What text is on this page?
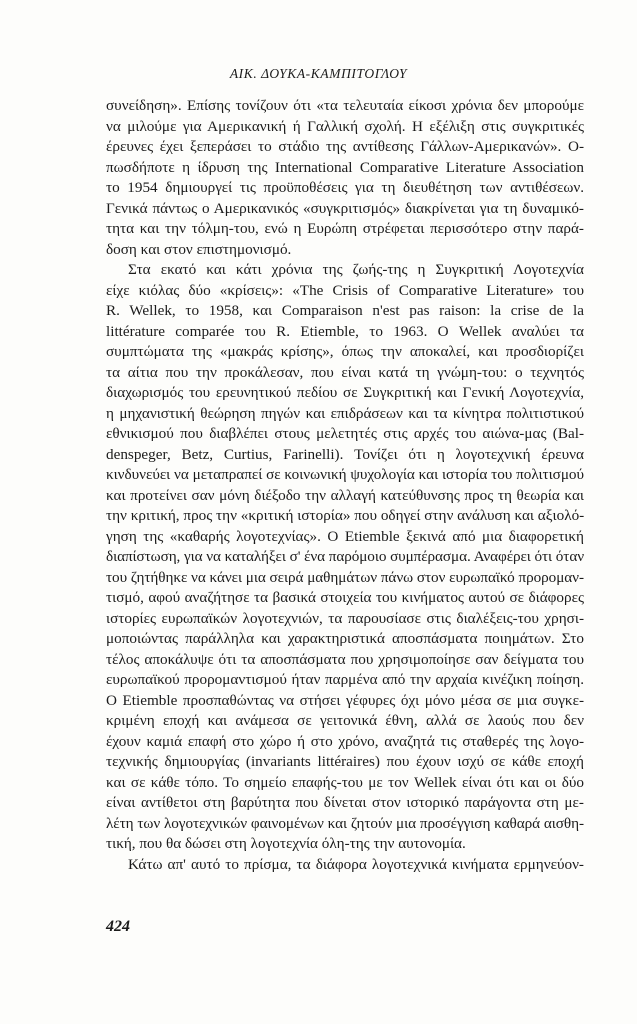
ΑΙΚ. ΔΟΥΚΑ-ΚΑΜΠΙΤΟΓΛΟΥ
συνείδηση». Επίσης τονίζουν ότι «τα τελευταία είκοσι χρόνια δεν μπορούμε
να μιλούμε για Αμερικανική ή Γαλλική σχολή. Η εξέλιξη στις συγκριτικές
έρευνες έχει ξεπεράσει το στάδιο της αντίθεσης Γάλλων-Αμερικανών». Ο-
πωσδήποτε η ίδρυση της International Comparative Literature Association
το 1954 δημιουργεί τις προϋποθέσεις για τη διευθέτηση των αντιθέσεων.
Γενικά πάντως ο Αμερικανικός «συγκριτισμός» διακρίνεται για τη δυναμικό-
τητα και την τόλμη-του, ενώ η Ευρώπη στρέφεται περισσότερο στην παρά-
δοση και στον επιστημονισμό.
Στα εκατό και κάτι χρόνια της ζωής-της η Συγκριτική Λογοτεχνία
είχε κιόλας δύο «κρίσεις»: «The Crisis of Comparative Literature» του
R. Wellek, το 1958, και Comparaison n'est pas raison: la crise de la
littérature comparée του R. Etiemble, το 1963. Ο Wellek αναλύει τα
συμπτώματα της «μακράς κρίσης», όπως την αποκαλεί, και προσδιορίζει
τα αίτια που την προκάλεσαν, που είναι κατά τη γνώμη-του: ο τεχνητός
διαχωρισμός του ερευνητικού πεδίου σε Συγκριτική και Γενική Λογοτεχνία,
η μηχανιστική θεώρηση πηγών και επιδράσεων και τα κίνητρα πολιτιστικού
εθνικισμού που διαβλέπει στους μελετητές στις αρχές του αιώνα-μας (Bal-
denspeger, Betz, Curtius, Farinelli). Τονίζει ότι η λογοτεχνική έρευνα
κινδυνεύει να μεταπραπεί σε κοινωνική ψυχολογία και ιστορία του πολιτισμού
και προτείνει σαν μόνη διέξοδο την αλλαγή κατεύθυνσης προς τη θεωρία και
την κριτική, προς την «κριτική ιστορία» που οδηγεί στην ανάλυση και αξιολό-
γηση της «καθαρής λογοτεχνίας». Ο Etiemble ξεκινά από μια διαφορετική
διαπίστωση, για να καταλήξει σ' ένα παρόμοιο συμπέρασμα. Αναφέρει ότι όταν
του ζητήθηκε να κάνει μια σειρά μαθημάτων πάνω στον ευρωπαϊκό προρομαν-
τισμό, αφού αναζήτησε τα βασικά στοιχεία του κινήματος αυτού σε διάφορες
ιστορίες ευρωπαϊκών λογοτεχνιών, τα παρουσίασε στις διαλέξεις-του χρησι-
μοποιώντας παράλληλα και χαρακτηριστικά αποσπάσματα ποιημάτων. Στο
τέλος αποκάλυψε ότι τα αποσπάσματα που χρησιμοποίησε σαν δείγματα του
ευρωπαϊκού προρομαντισμού ήταν παρμένα από την αρχαία κινέζικη ποίηση.
Ο Etiemble προσπαθώντας να στήσει γέφυρες όχι μόνο μέσα σε μια συγκε-
κριμένη εποχή και ανάμεσα σε γειτονικά έθνη, αλλά σε λαούς που δεν
έχουν καμιά επαφή στο χώρο ή στο χρόνο, αναζητά τις σταθερές της λογο-
τεχνικής δημιουργίας (invariants littéraires) που έχουν ισχύ σε κάθε εποχή
και σε κάθε τόπο. Το σημείο επαφής-του με τον Wellek είναι ότι και οι δύο
είναι αντίθετοι στη βαρύτητα που δίνεται στον ιστορικό παράγοντα στη με-
λέτη των λογοτεχνικών φαινομένων και ζητούν μια προσέγγιση καθαρά αισθη-
τική, που θα δώσει στη λογοτεχνία όλη-της την αυτονομία.
Κάτω απ' αυτό το πρίσμα, τα διάφορα λογοτεχνικά κινήματα ερμηνεύον-
424
